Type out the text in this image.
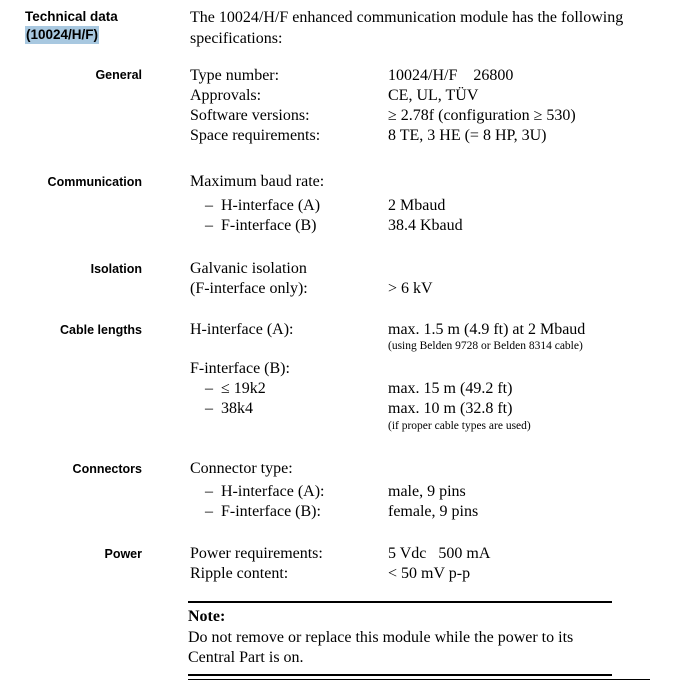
Technical data
(10024/H/F)
The 10024/H/F enhanced communication module has the following specifications:
General	Type number:	10024/H/F    26800
Approvals:	CE, UL, TÜV
Software versions:	≥ 2.78f (configuration ≥ 530)
Space requirements:	8 TE, 3 HE (= 8 HP, 3U)
Communication	Maximum baud rate:
–  H-interface (A)	2 Mbaud
–  F-interface (B)	38.4 Kbaud
Isolation	Galvanic isolation
(F-interface only):	> 6 kV
Cable lengths	H-interface (A):	max. 1.5 m (4.9 ft) at 2 Mbaud
(using Belden 9728 or Belden 8314 cable)
F-interface (B):
–  ≤ 19k2	max. 15 m (49.2 ft)
–  38k4	max. 10 m (32.8 ft)
(if proper cable types are used)
Connectors	Connector type:
–  H-interface (A):	male, 9 pins
–  F-interface (B):	female, 9 pins
Power	Power requirements:	5 Vdc   500 mA
Ripple content:	< 50 mV p-p
Note:
Do not remove or replace this module while the power to its Central Part is on.
